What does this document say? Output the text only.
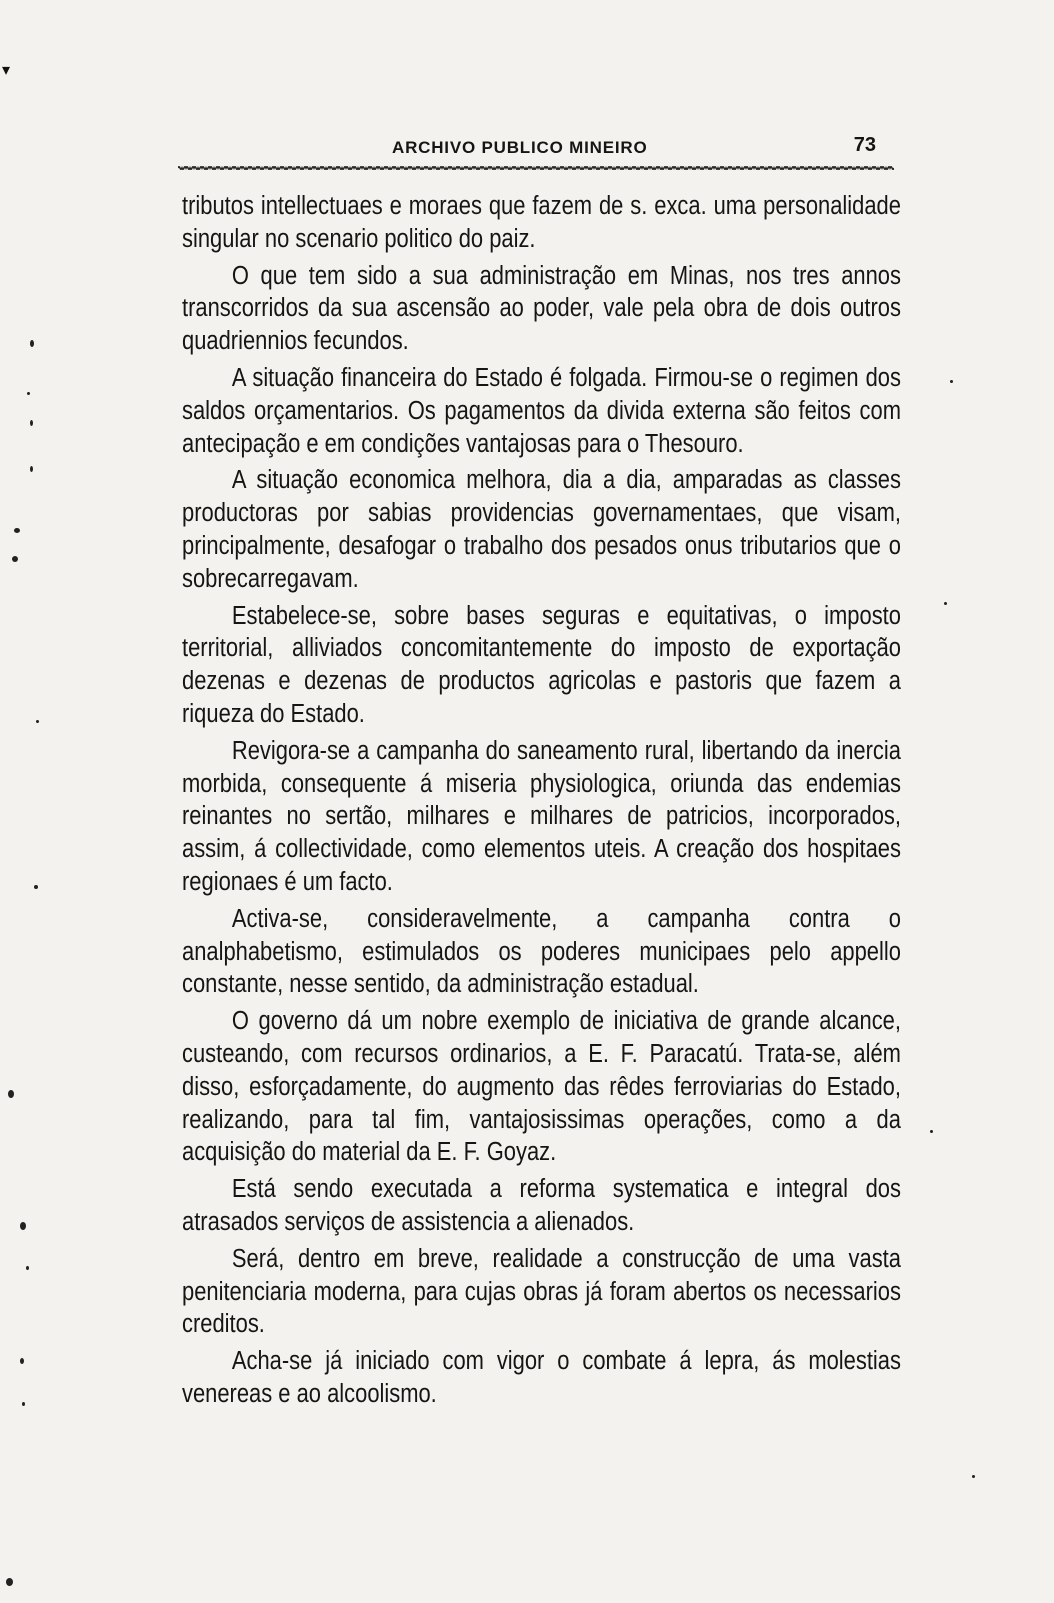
ARCHIVO PUBLICO MINEIRO	73

tributos intellectuaes e moraes que fazem de s. exca. uma personalidade singular no scenario politico do paiz.

O que tem sido a sua administração em Minas, nos tres annos transcorridos da sua ascensão ao poder, vale pela obra de dois outros quadriennios fecundos.

A situação financeira do Estado é folgada. Firmou-se o regimen dos saldos orçamentarios. Os pagamentos da divida externa são feitos com antecipação e em condições vantajosas para o Thesouro.

A situação economica melhora, dia a dia, amparadas as classes productoras por sabias providencias governamentaes, que visam, principalmente, desafogar o trabalho dos pesados onus tributarios que o sobrecarregavam.

Estabelece-se, sobre bases seguras e equitativas, o imposto territorial, alliviados concomitantemente do imposto de exportação dezenas e dezenas de productos agricolas e pastoris que fazem a riqueza do Estado.

Revigora-se a campanha do saneamento rural, libertando da inercia morbida, consequente á miseria physiologica, oriunda das endemias reinantes no sertão, milhares e milhares de patricios, incorporados, assim, á collectividade, como elementos uteis. A creação dos hospitaes regionaes é um facto.

Activa-se, consideravelmente, a campanha contra o analphabetismo, estimulados os poderes municipaes pelo appello constante, nesse sentido, da administração estadual.

O governo dá um nobre exemplo de iniciativa de grande alcance, custeando, com recursos ordinarios, a E. F. Paracatú. Trata-se, além disso, esforçadamente, do augmento das rêdes ferroviarias do Estado, realizando, para tal fim, vantajosissimas operações, como a da acquisição do material da E. F. Goyaz.

Está sendo executada a reforma systematica e integral dos atrasados serviços de assistencia a alienados.

Será, dentro em breve, realidade a construcção de uma vasta penitenciaria moderna, para cujas obras já foram abertos os necessarios creditos.

Acha-se já iniciado com vigor o combate á lepra, ás molestias venereas e ao alcoolismo.

▾
